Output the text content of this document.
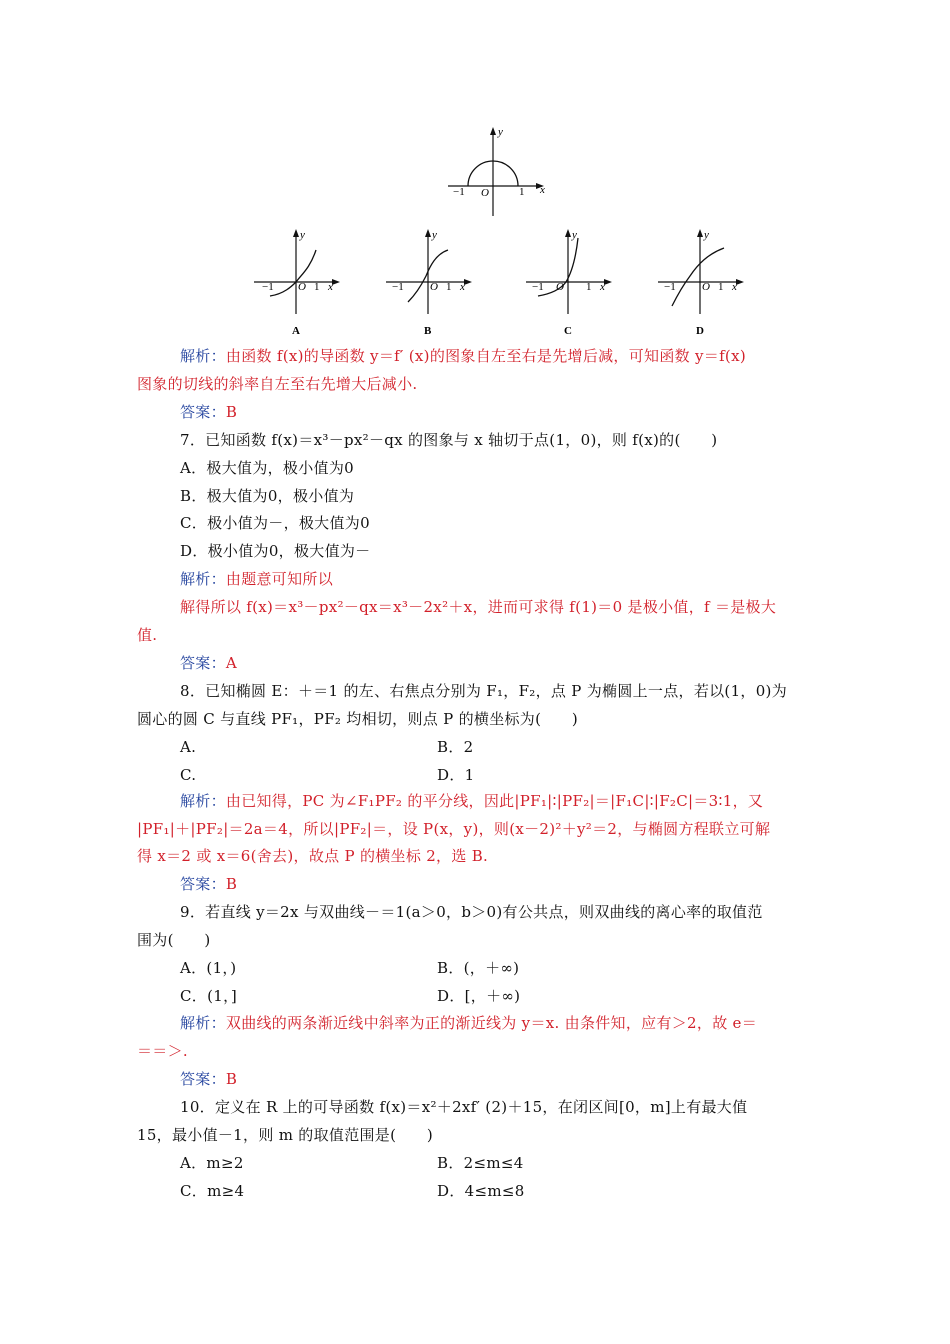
−1 O	1 x
y
−1 O 1 x
y
A
−1 O 1 x
y
B
−1 O 1 x
y
C
−1 O 1 x
y
D
解析：由函数 f(x)的导函数 y＝f′ (x)的图象自左至右是先增后减，可知函数 y＝f(x)
图象的切线的斜率自左至右先增大后减小.
答案：B
7．已知函数 f(x)＝x³－px²－qx 的图象与 x 轴切于点(1，0)，则 f(x)的(　　)
A．极大值为，极小值为0
B．极大值为0，极小值为
C．极小值为－，极大值为0
D．极小值为0，极大值为－
解析：由题意可知所以
解得所以 f(x)＝x³－px²－qx＝x³－2x²＋x，进而可求得 f(1)＝0 是极小值，f ＝是极大
值.
答案：A
8．已知椭圆 E：＋＝1 的左、右焦点分别为 F₁，F₂，点 P 为椭圆上一点，若以(1，0)为
圆心的圆 C 与直线 PF₁，PF₂ 均相切，则点 P 的横坐标为(　　)
A.	B．2
C.	D．1
解析：由已知得，PC 为∠F₁PF₂ 的平分线，因此|PF₁|∶|PF₂|＝|F₁C|∶|F₂C|＝3∶1，又
|PF₁|＋|PF₂|＝2a＝4，所以|PF₂|＝，设 P(x，y)，则(x－2)²＋y²＝2，与椭圆方程联立可解
得 x＝2 或 x＝6(舍去)，故点 P 的横坐标 2，选 B.
答案：B
9．若直线 y＝2x 与双曲线－＝1(a＞0，b＞0)有公共点，则双曲线的离心率的取值范
围为(　　)
A．(1，)	B．(，＋∞)
C．(1，]	D．[，＋∞)
解析：双曲线的两条渐近线中斜率为正的渐近线为 y＝x. 由条件知，应有＞2，故 e＝
＝＝＞.
答案：B
10．定义在 R 上的可导函数 f(x)＝x²＋2xf′ (2)＋15，在闭区间[0，m]上有最大值
15，最小值－1，则 m 的取值范围是(　　)
A．m≥2	B．2≤m≤4
C．m≥4	D．4≤m≤8
